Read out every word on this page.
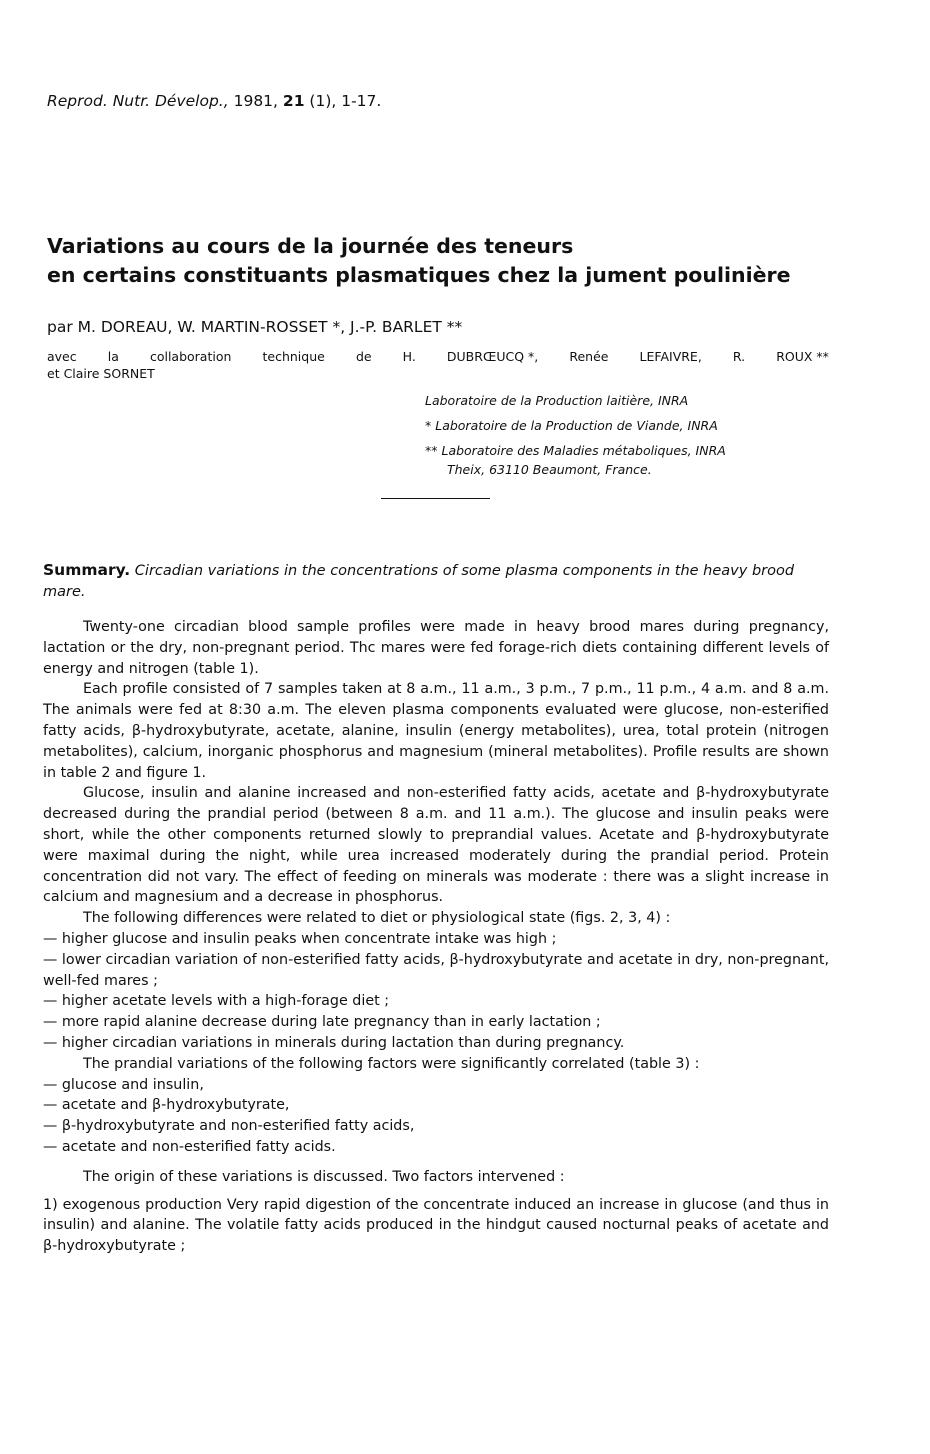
Reprod. Nutr. Dévelop., 1981, 21 (1), 1-17.
Variations au cours de la journée des teneurs
en certains constituants plasmatiques chez la jument poulinière
par M. DOREAU, W. MARTIN-ROSSET *, J.-P. BARLET **
avec la collaboration technique de H. DUBRŒUCQ *, Renée LEFAIVRE, R. ROUX **
et Claire SORNET
Laboratoire de la Production laitière, INRA
* Laboratoire de la Production de Viande, INRA
** Laboratoire des Maladies métaboliques, INRA
Theix, 63110 Beaumont, France.
Summary. Circadian variations in the concentrations of some plasma components in the heavy brood mare.

Twenty-one circadian blood sample profiles were made in heavy brood mares during pregnancy, lactation or the dry, non-pregnant period. Thc mares were fed forage-rich diets containing different levels of energy and nitrogen (table 1).

Each profile consisted of 7 samples taken at 8 a.m., 11 a.m., 3 p.m., 7 p.m., 11 p.m., 4 a.m. and 8 a.m. The animals were fed at 8:30 a.m. The eleven plasma components evaluated were glucose, non-esterified fatty acids, β-hydroxybutyrate, acetate, alanine, insulin (energy metabolites), urea, total protein (nitrogen metabolites), calcium, inorganic phosphorus and magnesium (mineral metabolites). Profile results are shown in table 2 and figure 1.

Glucose, insulin and alanine increased and non-esterified fatty acids, acetate and β-hydroxybutyrate decreased during the prandial period (between 8 a.m. and 11 a.m.). The glucose and insulin peaks were short, while the other components returned slowly to preprandial values. Acetate and β-hydroxybutyrate were maximal during the night, while urea increased moderately during the prandial period. Protein concentration did not vary. The effect of feeding on minerals was moderate : there was a slight increase in calcium and magnesium and a decrease in phosphorus.

The following differences were related to diet or physiological state (figs. 2, 3, 4) :

— higher glucose and insulin peaks when concentrate intake was high ;

— lower circadian variation of non-esterified fatty acids, β-hydroxybutyrate and acetate in dry, non-pregnant, well-fed mares ;

— higher acetate levels with a high-forage diet ;

— more rapid alanine decrease during late pregnancy than in early lactation ;

— higher circadian variations in minerals during lactation than during pregnancy.

The prandial variations of the following factors were significantly correlated (table 3) :

— glucose and insulin,

— acetate and β-hydroxybutyrate,

— β-hydroxybutyrate and non-esterified fatty acids,

— acetate and non-esterified fatty acids.

The origin of these variations is discussed. Two factors intervened :

1) exogenous production Very rapid digestion of the concentrate induced an increase in glucose (and thus in insulin) and alanine. The volatile fatty acids produced in the hindgut caused nocturnal peaks of acetate and β-hydroxybutyrate ;
